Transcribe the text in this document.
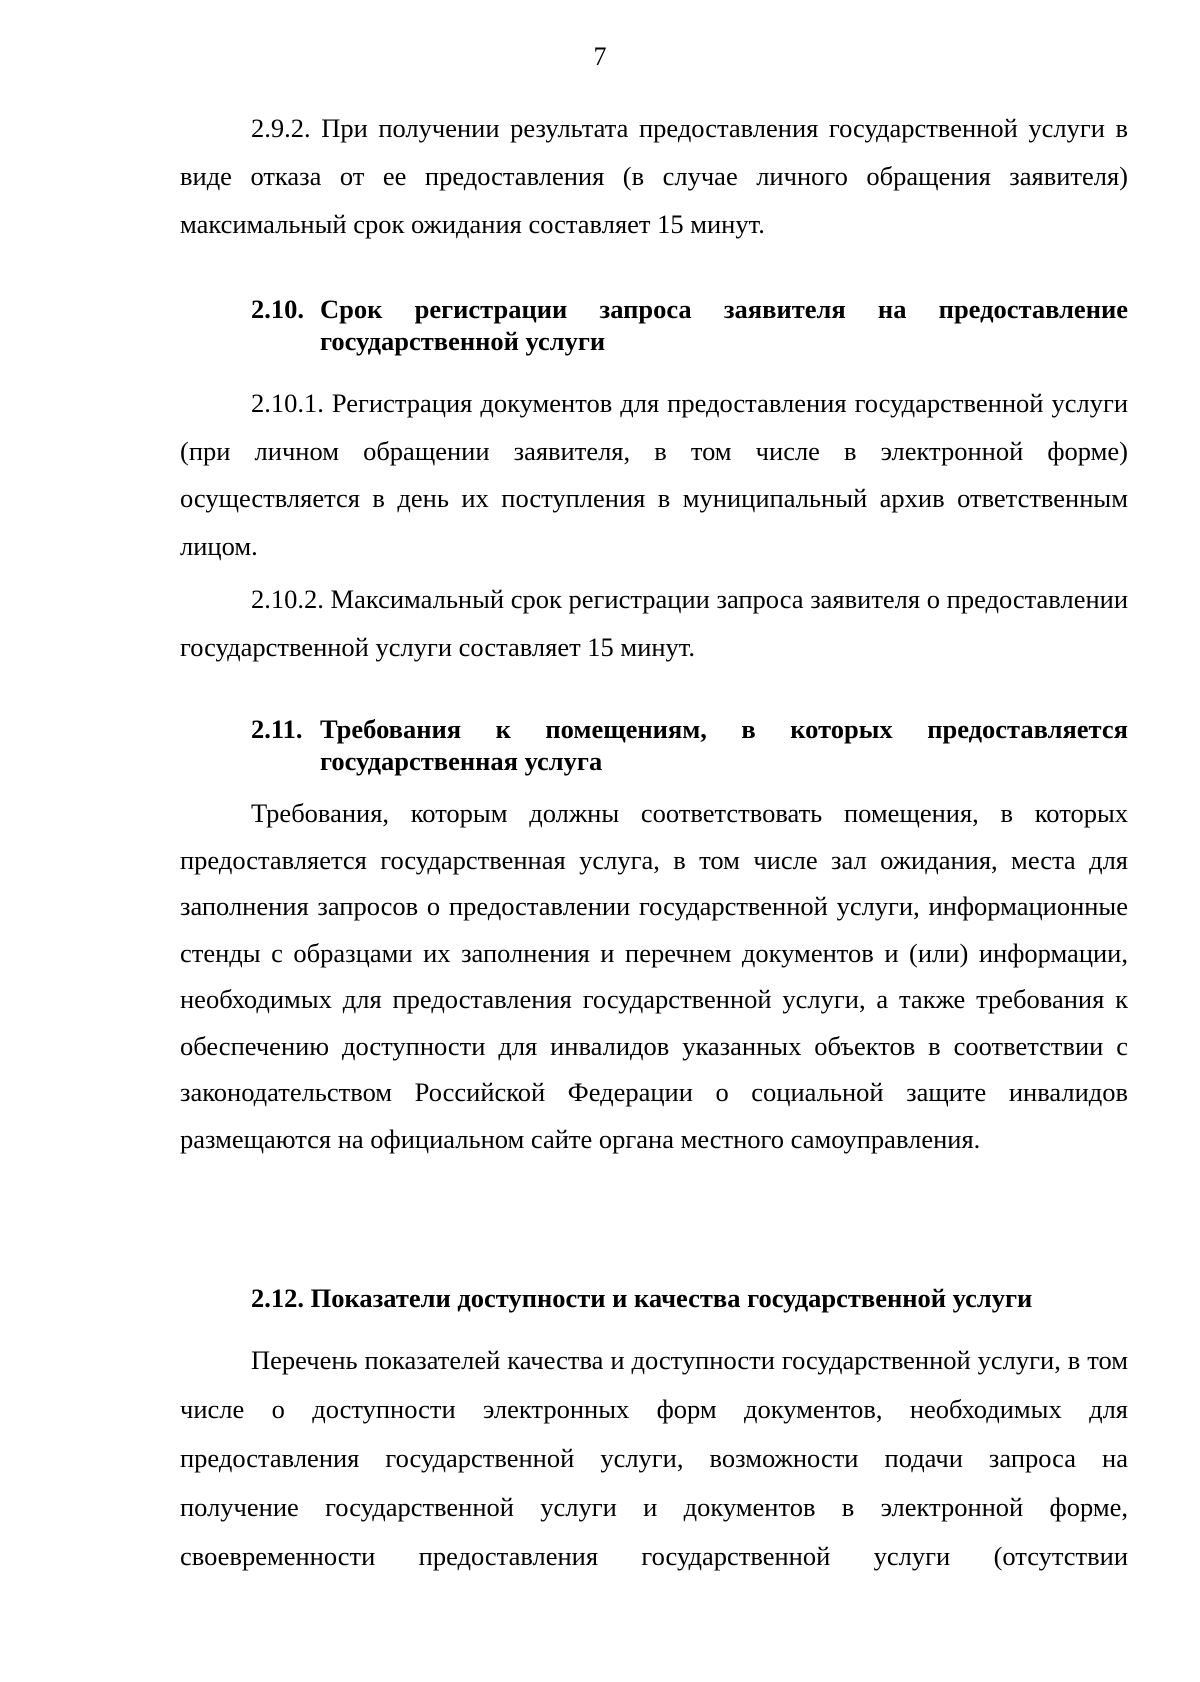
7
2.9.2. При получении результата предоставления государственной услуги в виде отказа от ее предоставления (в случае личного обращения заявителя) максимальный срок ожидания составляет 15 минут.
2.10. Срок регистрации запроса заявителя на предоставление государственной услуги
2.10.1. Регистрация документов для предоставления государственной услуги (при личном обращении заявителя, в том числе в электронной форме) осуществляется в день их поступления в муниципальный архив ответственным лицом.
2.10.2. Максимальный срок регистрации запроса заявителя о предоставлении государственной услуги составляет 15 минут.
2.11. Требования к помещениям, в которых предоставляется государственная услуга
Требования, которым должны соответствовать помещения, в которых предоставляется государственная услуга, в том числе зал ожидания, места для заполнения запросов о предоставлении государственной услуги, информационные стенды с образцами их заполнения и перечнем документов и (или) информации, необходимых для предоставления государственной услуги, а также требования к обеспечению доступности для инвалидов указанных объектов в соответствии с законодательством Российской Федерации о социальной защите инвалидов размещаются на официальном сайте органа местного самоуправления.
2.12. Показатели доступности и качества государственной услуги
Перечень показателей качества и доступности государственной услуги, в том числе о доступности электронных форм документов, необходимых для предоставления государственной услуги, возможности подачи запроса на получение государственной услуги и документов в электронной форме, своевременности предоставления государственной услуги (отсутствии
